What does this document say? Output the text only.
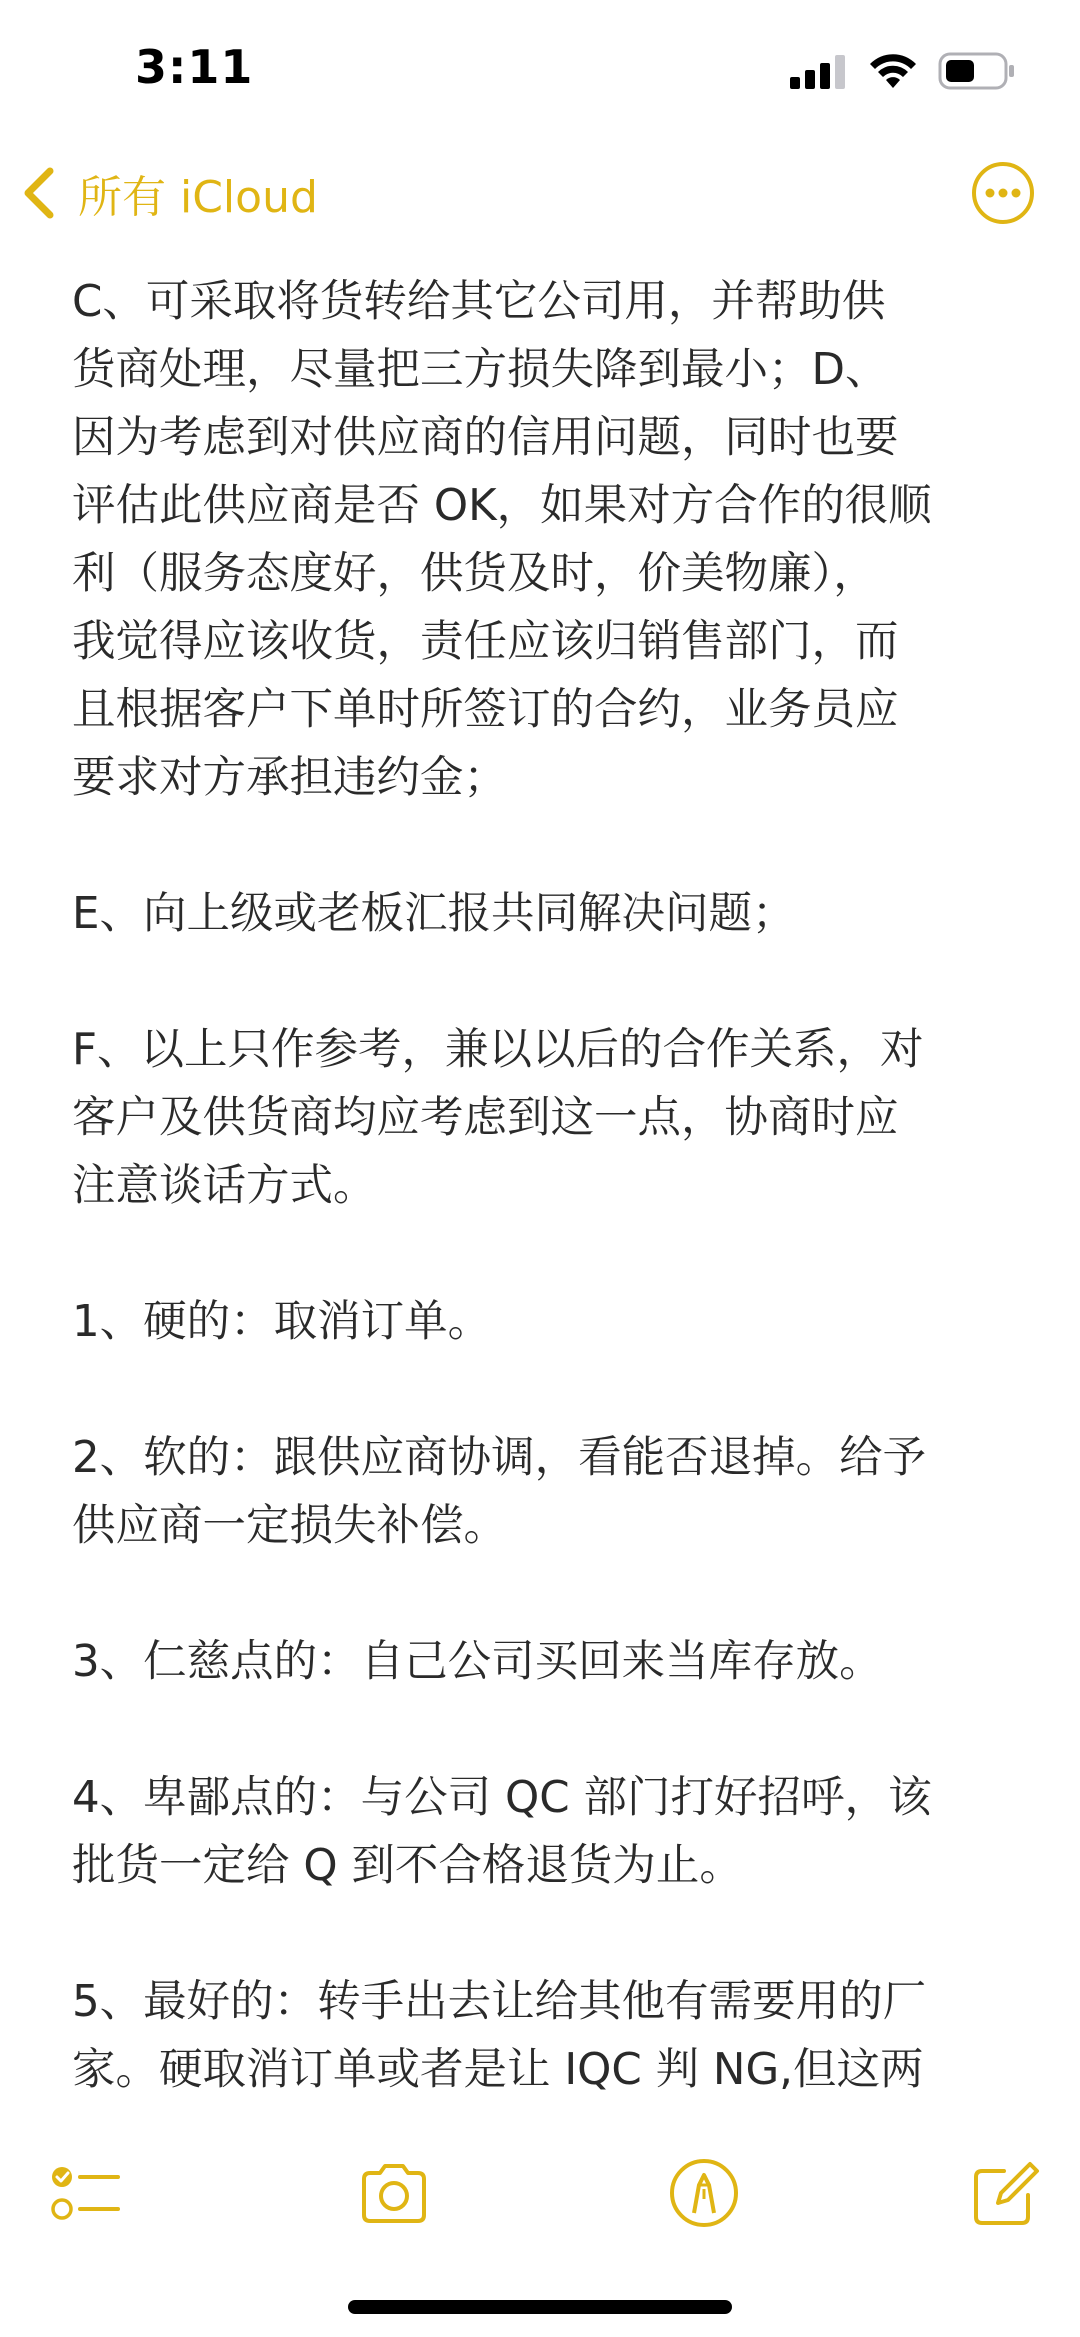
3:11
所有 iCloud

C、可采取将货转给其它公司用，并帮助供
货商处理，尽量把三方损失降到最小；D、
因为考虑到对供应商的信用问题，同时也要
评估此供应商是否 OK，如果对方合作的很顺
利（服务态度好，供货及时，价美物廉），
我觉得应该收货，责任应该归销售部门，而
且根据客户下单时所签订的合约，业务员应
要求对方承担违约金；

E、向上级或老板汇报共同解决问题；

F、以上只作参考，兼以以后的合作关系，对
客户及供货商均应考虑到这一点，协商时应
注意谈话方式。

1、硬的：取消订单。

2、软的：跟供应商协调，看能否退掉。给予
供应商一定损失补偿。

3、仁慈点的：自己公司买回来当库存放。

4、卑鄙点的：与公司 QC 部门打好招呼，该
批货一定给 Q 到不合格退货为止。

5、最好的：转手出去让给其他有需要用的厂
家。硬取消订单或者是让 IQC 判 NG,但这两
